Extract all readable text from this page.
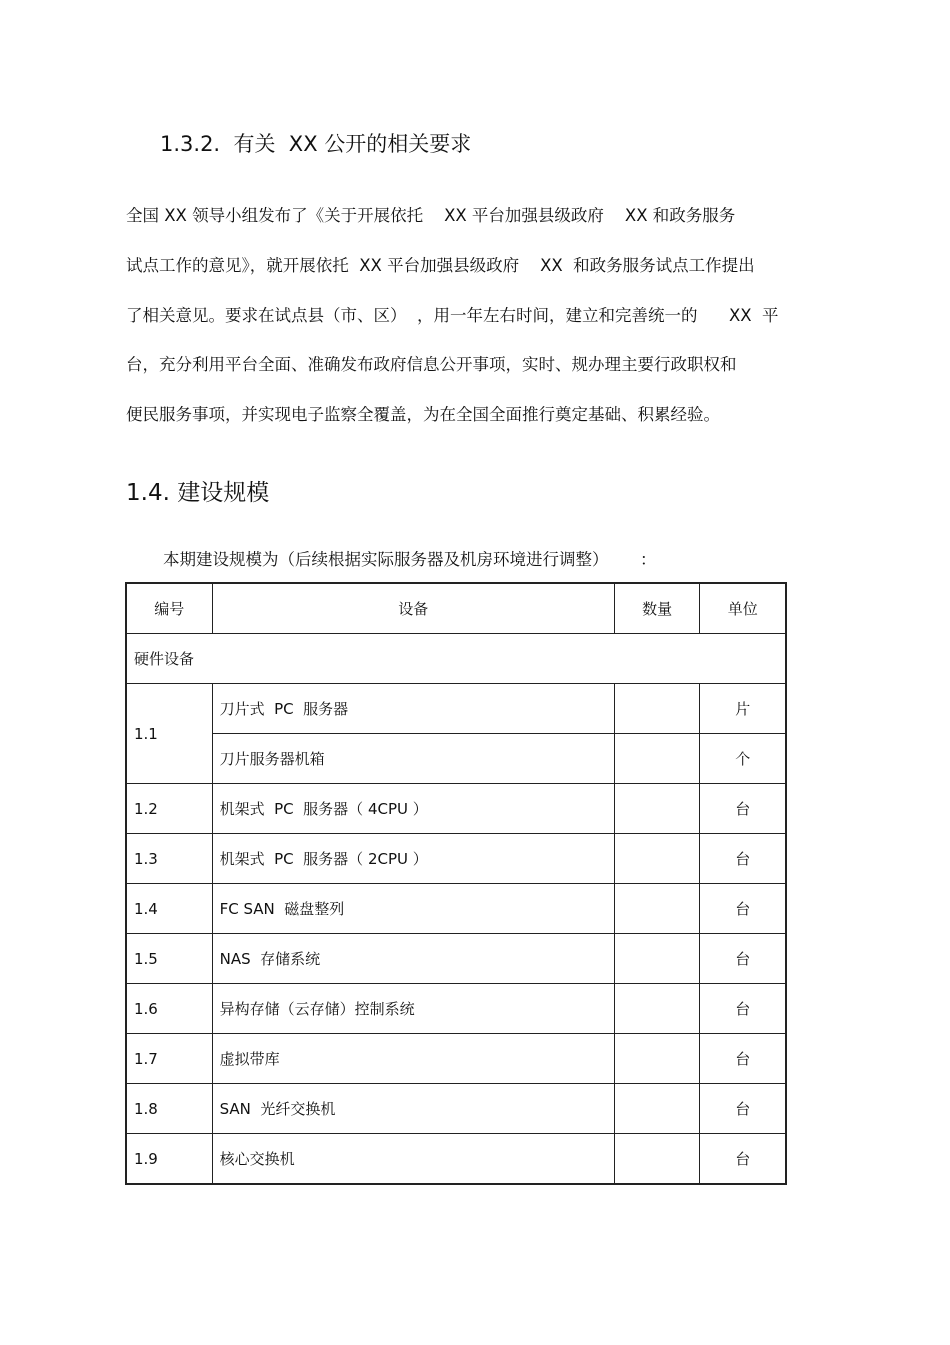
1.3.2.  有关  XX 公开的相关要求
全国 XX 领导小组发布了《关于开展依托    XX 平台加强县级政府    XX 和政务服务
试点工作的意见》，就开展依托  XX 平台加强县级政府    XX  和政务服务试点工作提出
了相关意见。要求在试点县（市、区）  ，用一年左右时间，建立和完善统一的      XX  平
台，充分利用平台全面、准确发布政府信息公开事项，实时、规办理主要行政职权和
便民服务事项，并实现电子监察全覆盖，为在全国全面推行奠定基础、积累经验。
1.4. 建设规模
本期建设规模为（后续根据实际服务器及机房环境进行调整）      ：
编号	设备	数量	单位
硬件设备			
1.1	刀片式  PC  服务器		片
	刀片服务器机箱		个
1.2	机架式  PC  服务器（ 4CPU ）		台
1.3	机架式  PC  服务器（ 2CPU ）		台
1.4	FC SAN  磁盘整列		台
1.5	NAS  存储系统		台
1.6	异构存储（云存储）控制系统		台
1.7	虚拟带库		台
1.8	SAN  光纤交换机		台
1.9	核心交换机		台
